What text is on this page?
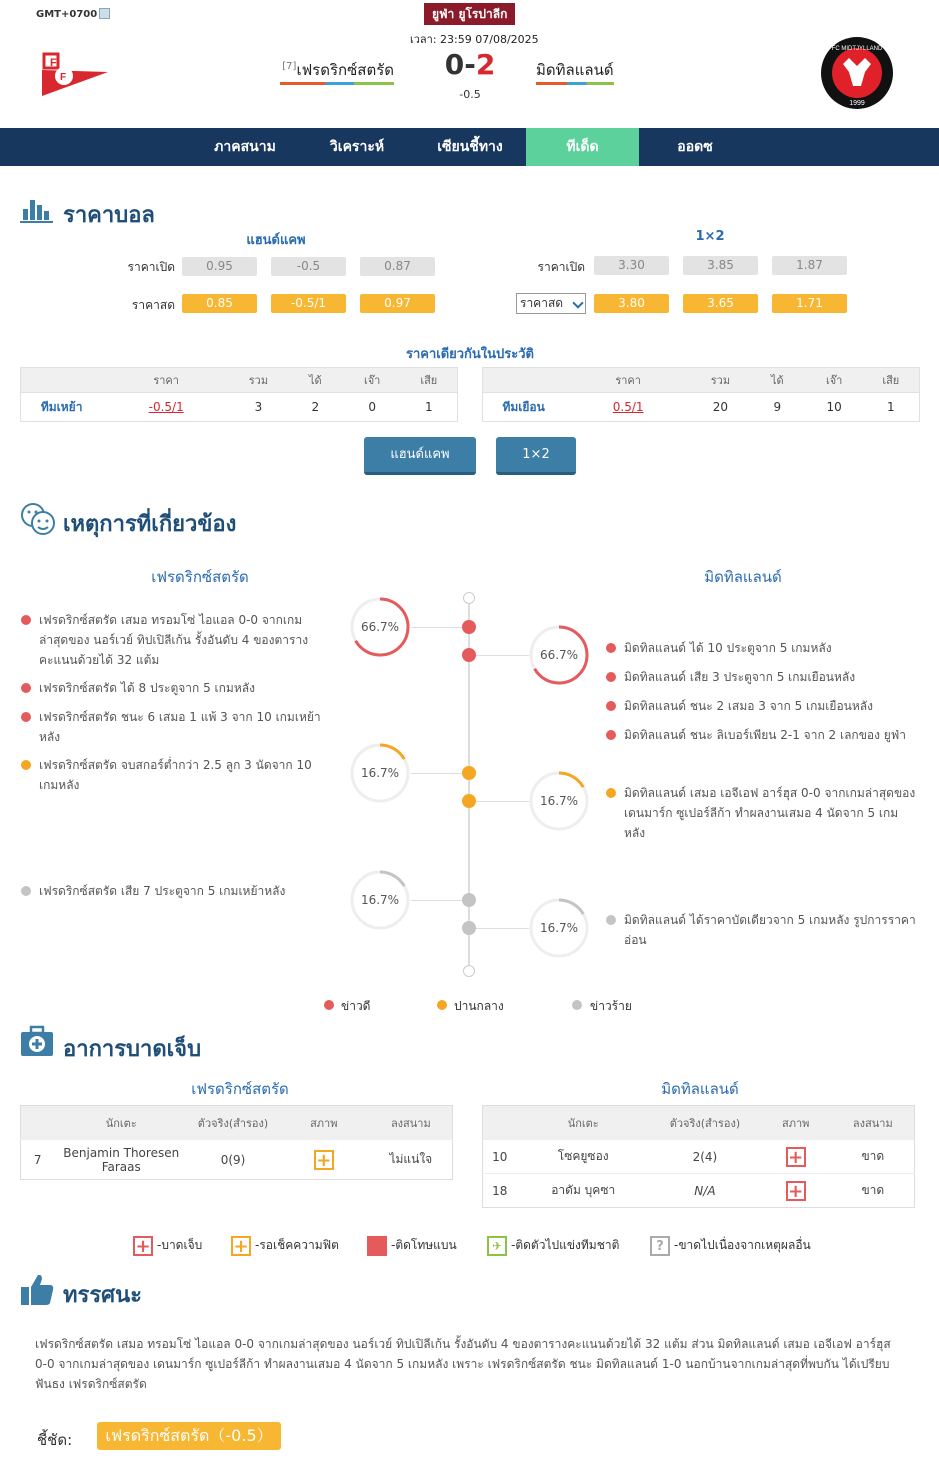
GMT+0700	ยูฟ่า ยูโรปาลีก
เวลา: 23:59 07/08/2025
F
F
[7]เฟรดริกซ์สตรัด 0-2
-0.5
มิดทิลแลนด์
FC MIDTJYLLAND
1999
ภาคสนาม	วิเคราะห์	เซียนชี้ทาง	ทีเด็ด	ออดซ
ราคาบอล
แฮนด์แคพ	1×2
ราคาเปิด	0.95	-0.5	0.87
ราคาสด	0.85	-0.5/1	0.97
ราคาเปิด	3.30	3.85	1.87
ราคาสด	3.80	3.65	1.71
ราคาเดียวกันในประวัติ
	ราคา	รวม	ได้	เจ๊า	เสีย
ทีมเหย้า	-0.5/1	3	2	0	1
	ราคา	รวม	ได้	เจ๊า	เสีย
ทีมเยือน	0.5/1	20	9	10	1
แฮนด์แคพ	1×2
เหตุการที่เกี่ยวข้อง
เฟรดริกซ์สตรัด	มิดทิลแลนด์
66.7%
66.7%
16.7%
16.7%
16.7%
16.7%
เฟรดริกซ์สตรัด เสมอ ทรอมโซ่ ไอแอล 0-0 จากเกมล่าสุดของ นอร์เวย์ ทิปเปิลีเก้น รั้งอันดับ 4 ของตารางคะแนนด้วยได้ 32 แต้ม
เฟรดริกซ์สตรัด ได้ 8 ประตูจาก 5 เกมหลัง
เฟรดริกซ์สตรัด ชนะ 6 เสมอ 1 แพ้ 3 จาก 10 เกมเหย้าหลัง
เฟรดริกซ์สตรัด จบสกอร์ต่ำกว่า 2.5 ลูก 3 นัดจาก 10 เกมหลัง
เฟรดริกซ์สตรัด เสีย 7 ประตูจาก 5 เกมเหย้าหลัง
มิดทิลแลนด์ ได้ 10 ประตูจาก 5 เกมหลัง
มิดทิลแลนด์ เสีย 3 ประตูจาก 5 เกมเยือนหลัง
มิดทิลแลนด์ ชนะ 2 เสมอ 3 จาก 5 เกมเยือนหลัง
มิดทิลแลนด์ ชนะ ลิเบอร์เพียน 2-1 จาก 2 เลกของ ยูฟ่า
มิดทิลแลนด์ เสมอ เอจีเอฟ อาร์ฮุส 0-0 จากเกมล่าสุดของ เดนมาร์ก ซูเปอร์ลีก้า ทำผลงานเสมอ 4 นัดจาก 5 เกมหลัง
มิดทิลแลนด์ ได้ราคาบัดเดียวจาก 5 เกมหลัง รูปการราคาอ่อน
ข่าวดี	ปานกลาง	ข่าวร้าย
อาการบาดเจ็บ
เฟรดริกซ์สตรัด	มิดทิลแลนด์
	นักเตะ	ตัวจริง(สำรอง)	สภาพ	ลงสนาม
7	Benjamin Thoresen Faraas	0(9)	+	ไม่แน่ใจ
	นักเตะ	ตัวจริง(สำรอง)	สภาพ	ลงสนาม
10	โซคยูซอง	2(4)	+	ขาด
18	อาดัม บุคซา	N/A	+	ขาด
+ -บาดเจ็บ + -รอเช็คความฟิต	-ติดโทษแบน	✈ -ติดตัวไปแข่งทีมชาติ	? -ขาดไปเนื่องจากเหตุผลอื่น
ทรรศนะ
เฟรดริกซ์สตรัด เสมอ ทรอมโซ่ ไอแอล 0-0 จากเกมล่าสุดของ นอร์เวย์ ทิปเปิลีเก้น รั้งอันดับ 4 ของตารางคะแนนด้วยได้ 32 แต้ม ส่วน มิดทิลแลนด์ เสมอ เอจีเอฟ อาร์ฮุส 0-0 จากเกมล่าสุดของ เดนมาร์ก ซูเปอร์ลีก้า ทำผลงานเสมอ 4 นัดจาก 5 เกมหลัง เพราะ เฟรดริกซ์สตรัด ชนะ มิดทิลแลนด์ 1-0 นอกบ้านจากเกมล่าสุดที่พบกัน ได้เปรียบ ฟันธง เฟรดริกซ์สตรัด
ชี้ชัด:	เฟรดริกซ์สตรัด（-0.5）
